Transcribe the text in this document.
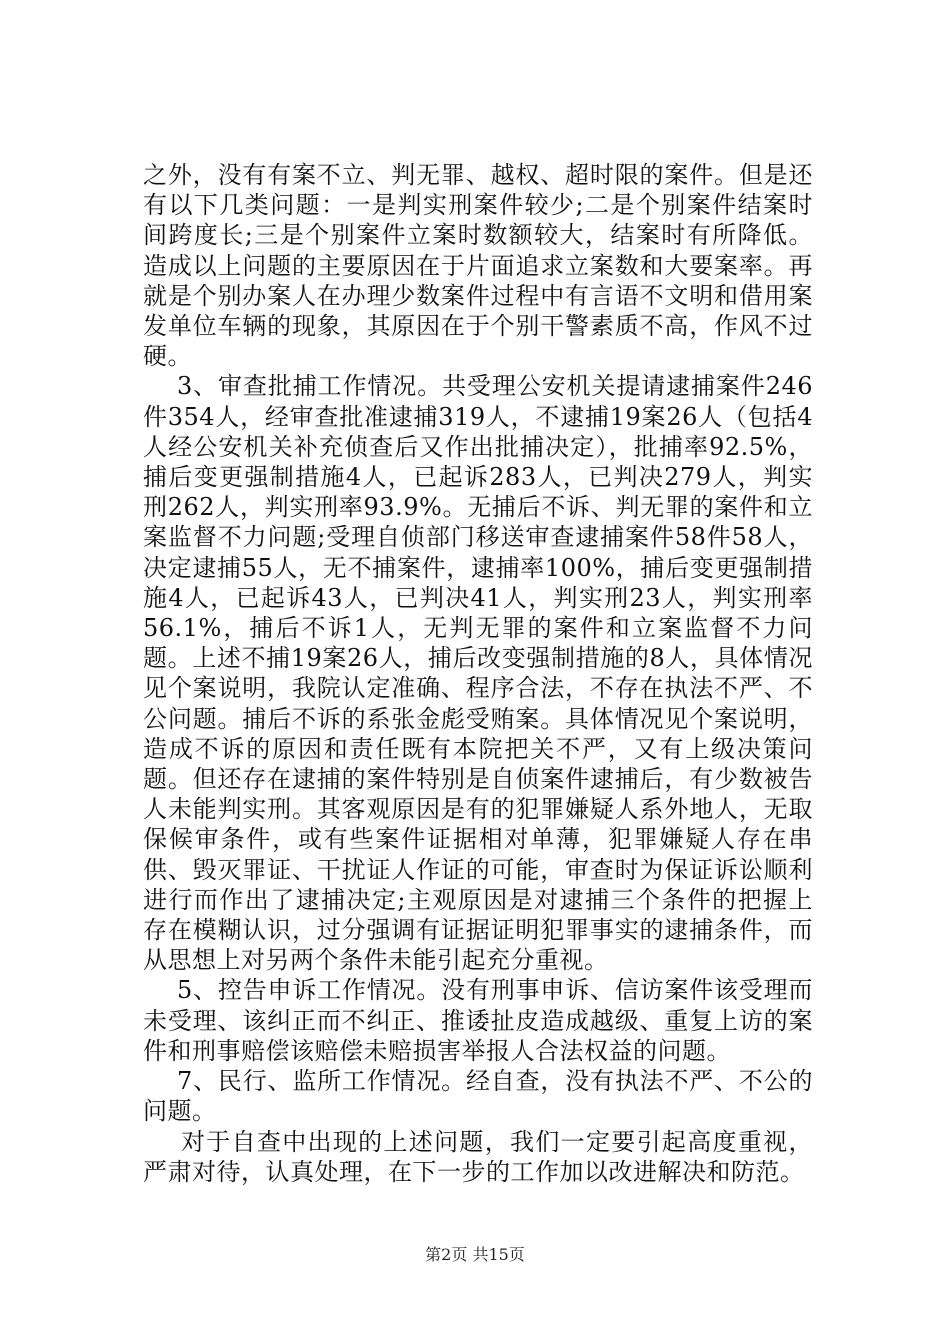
之外，没有有案不立、判无罪、越权、超时限的案件。但是还有以下几类问题：一是判实刑案件较少;二是个别案件结案时间跨度长;三是个别案件立案时数额较大，结案时有所降低。造成以上问题的主要原因在于片面追求立案数和大要案率。再就是个别办案人在办理少数案件过程中有言语不文明和借用案发单位车辆的现象，其原因在于个别干警素质不高，作风不过硬。

3、审查批捕工作情况。共受理公安机关提请逮捕案件246件354人，经审查批准逮捕319人，不逮捕19案26人（包括4人经公安机关补充侦查后又作出批捕决定），批捕率92.5%，捕后变更强制措施4人，已起诉283人，已判决279人，判实刑262人，判实刑率93.9%。无捕后不诉、判无罪的案件和立案监督不力问题;受理自侦部门移送审查逮捕案件58件58人，决定逮捕55人，无不捕案件，逮捕率100%，捕后变更强制措施4人，已起诉43人，已判决41人，判实刑23人，判实刑率56.1%，捕后不诉1人，无判无罪的案件和立案监督不力问题。上述不捕19案26人，捕后改变强制措施的8人，具体情况见个案说明，我院认定准确、程序合法，不存在执法不严、不公问题。捕后不诉的系张金彪受贿案。具体情况见个案说明，造成不诉的原因和责任既有本院把关不严，又有上级决策问题。但还存在逮捕的案件特别是自侦案件逮捕后，有少数被告人未能判实刑。其客观原因是有的犯罪嫌疑人系外地人，无取保候审条件，或有些案件证据相对单薄，犯罪嫌疑人存在串供、毁灭罪证、干扰证人作证的可能，审查时为保证诉讼顺利进行而作出了逮捕决定;主观原因是对逮捕三个条件的把握上存在模糊认识，过分强调有证据证明犯罪事实的逮捕条件，而从思想上对另两个条件未能引起充分重视。

5、控告申诉工作情况。没有刑事申诉、信访案件该受理而未受理、该纠正而不纠正、推诿扯皮造成越级、重复上访的案件和刑事赔偿该赔偿未赔损害举报人合法权益的问题。

7、民行、监所工作情况。经自查，没有执法不严、不公的问题。

对于自查中出现的上述问题，我们一定要引起高度重视，严肃对待，认真处理，在下一步的工作加以改进解决和防范。

第2页 共15页
